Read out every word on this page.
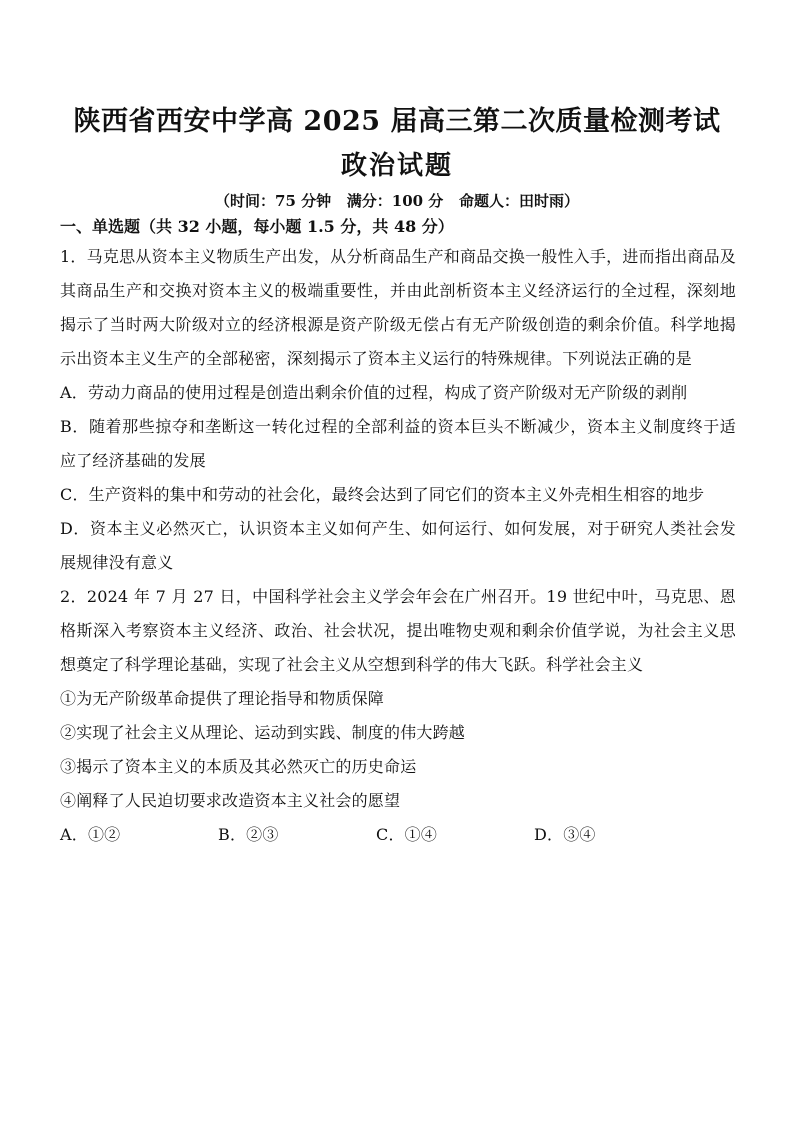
陕西省西安中学高 2025 届高三第二次质量检测考试
政治试题
（时间：75 分钟   满分：100 分   命题人：田时雨）
一、单选题（共 32 小题，每小题 1.5 分，共 48 分）

1．马克思从资本主义物质生产出发，从分析商品生产和商品交换一般性入手，进而指出商品及其商品生产和交换对资本主义的极端重要性，并由此剖析资本主义经济运行的全过程，深刻地揭示了当时两大阶级对立的经济根源是资产阶级无偿占有无产阶级创造的剩余价值。科学地揭示出资本主义生产的全部秘密，深刻揭示了资本主义运行的特殊规律。下列说法正确的是

A．劳动力商品的使用过程是创造出剩余价值的过程，构成了资产阶级对无产阶级的剥削

B．随着那些掠夺和垄断这一转化过程的全部利益的资本巨头不断减少，资本主义制度终于适应了经济基础的发展

C．生产资料的集中和劳动的社会化，最终会达到了同它们的资本主义外壳相生相容的地步

D．资本主义必然灭亡，认识资本主义如何产生、如何运行、如何发展，对于研究人类社会发展规律没有意义

2．2024 年 7 月 27 日，中国科学社会主义学会年会在广州召开。19 世纪中叶，马克思、恩格斯深入考察资本主义经济、政治、社会状况，提出唯物史观和剩余价值学说，为社会主义思想奠定了科学理论基础，实现了社会主义从空想到科学的伟大飞跃。科学社会主义

①为无产阶级革命提供了理论指导和物质保障

②实现了社会主义从理论、运动到实践、制度的伟大跨越

③揭示了资本主义的本质及其必然灭亡的历史命运

④阐释了人民迫切要求改造资本主义社会的愿望

A．①②	B．②③	C．①④	D．③④
